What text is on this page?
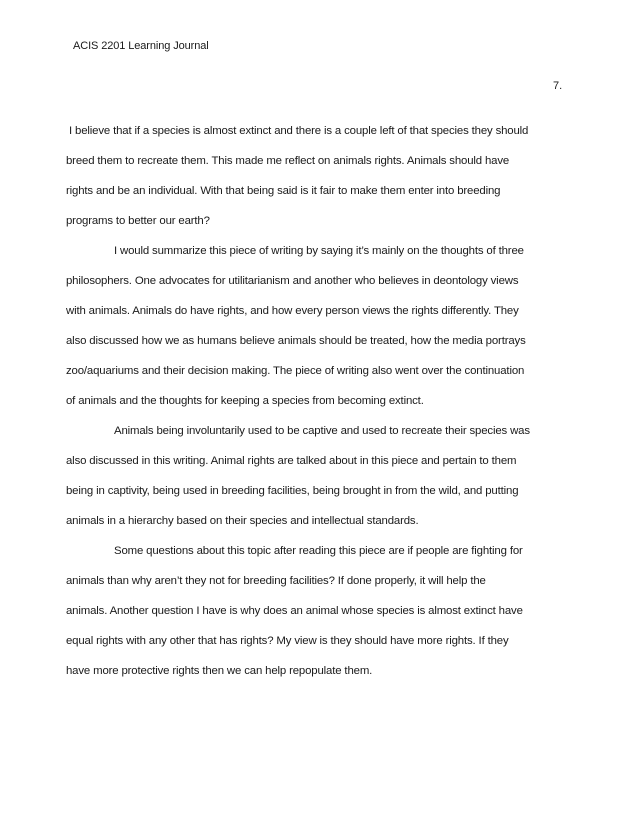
ACIS 2201 Learning Journal
7.
I believe that if a species is almost extinct and there is a couple left of that species they should
breed them to recreate them. This made me reflect on animals rights. Animals should have
rights and be an individual. With that being said is it fair to make them enter into breeding
programs to better our earth?
I would summarize this piece of writing by saying it’s mainly on the thoughts of three
philosophers. One advocates for utilitarianism and another who believes in deontology views
with animals. Animals do have rights, and how every person views the rights differently. They
also discussed how we as humans believe animals should be treated, how the media portrays
zoo/aquariums and their decision making. The piece of writing also went over the continuation
of animals and the thoughts for keeping a species from becoming extinct.
Animals being involuntarily used to be captive and used to recreate their species was
also discussed in this writing. Animal rights are talked about in this piece and pertain to them
being in captivity, being used in breeding facilities, being brought in from the wild, and putting
animals in a hierarchy based on their species and intellectual standards.
Some questions about this topic after reading this piece are if people are fighting for
animals than why aren’t they not for breeding facilities? If done properly, it will help the
animals. Another question I have is why does an animal whose species is almost extinct have
equal rights with any other that has rights? My view is they should have more rights. If they
have more protective rights then we can help repopulate them.
